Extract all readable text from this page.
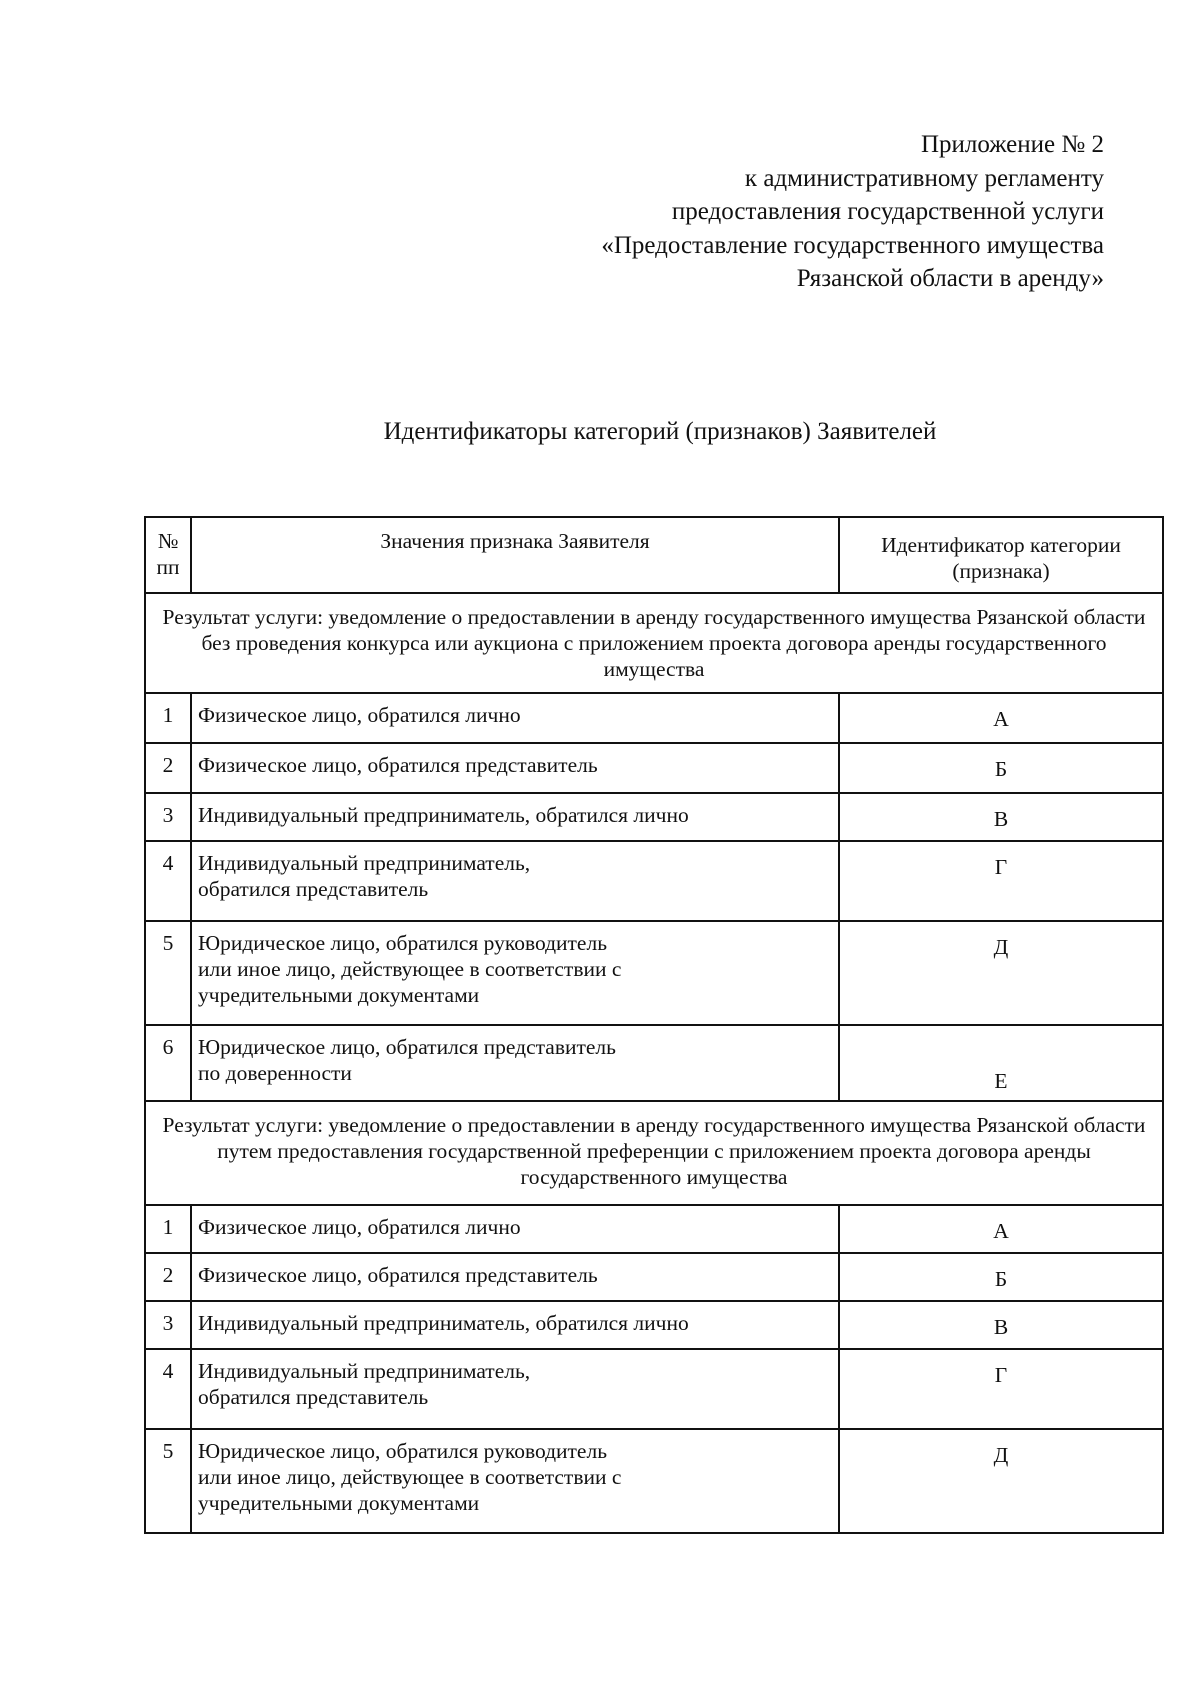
Приложение № 2
к административному регламенту
предоставления государственной услуги
«Предоставление государственного имущества
Рязанской области в аренду»
Идентификаторы категорий (признаков) Заявителей
№ пп	Значения признака Заявителя	Идентификатор категории (признака)
Результат услуги: уведомление о предоставлении в аренду государственного имущества Рязанской области без проведения конкурса или аукциона с приложением проекта договора аренды государственного имущества		
1	Физическое лицо, обратился лично	А
2	Физическое лицо, обратился представитель	Б
3	Индивидуальный предприниматель, обратился лично	В
4	Индивидуальный предприниматель, обратился представитель	Г
5	Юридическое лицо, обратился руководитель или иное лицо, действующее в соответствии с учредительными документами	Д
6	Юридическое лицо, обратился представитель по доверенности	Е
Результат услуги: уведомление о предоставлении в аренду государственного имущества Рязанской области путем предоставления государственной преференции с приложением проекта договора аренды государственного имущества		
1	Физическое лицо, обратился лично	А
2	Физическое лицо, обратился представитель	Б
3	Индивидуальный предприниматель, обратился лично	В
4	Индивидуальный предприниматель, обратился представитель	Г
5	Юридическое лицо, обратился руководитель или иное лицо, действующее в соответствии с учредительными документами	Д
